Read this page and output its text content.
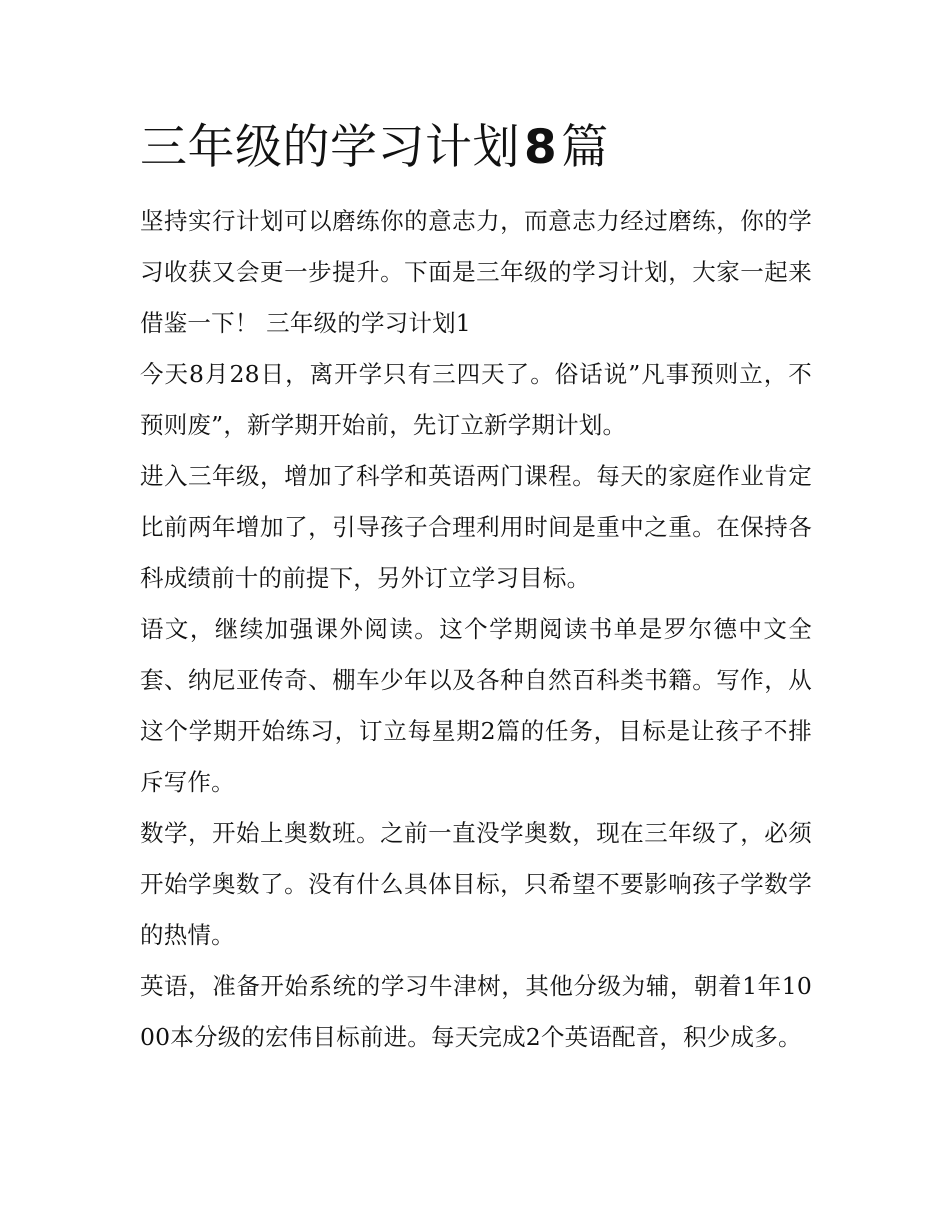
三年级的学习计划8篇

坚持实行计划可以磨练你的意志力，而意志力经过磨练，你的学习收获又会更一步提升。下面是三年级的学习计划，大家一起来借鉴一下！ 三年级的学习计划1

今天8月28日，离开学只有三四天了。俗话说”凡事预则立，不预则废”，新学期开始前，先订立新学期计划。

进入三年级，增加了科学和英语两门课程。每天的家庭作业肯定比前两年增加了，引导孩子合理利用时间是重中之重。在保持各科成绩前十的前提下，另外订立学习目标。

语文，继续加强课外阅读。这个学期阅读书单是罗尔德中文全套、纳尼亚传奇、棚车少年以及各种自然百科类书籍。写作，从这个学期开始练习，订立每星期2篇的任务，目标是让孩子不排斥写作。

数学，开始上奥数班。之前一直没学奥数，现在三年级了，必须开始学奥数了。没有什么具体目标，只希望不要影响孩子学数学的热情。

英语，准备开始系统的学习牛津树，其他分级为辅，朝着1年1000本分级的宏伟目标前进。每天完成2个英语配音，积少成多。
